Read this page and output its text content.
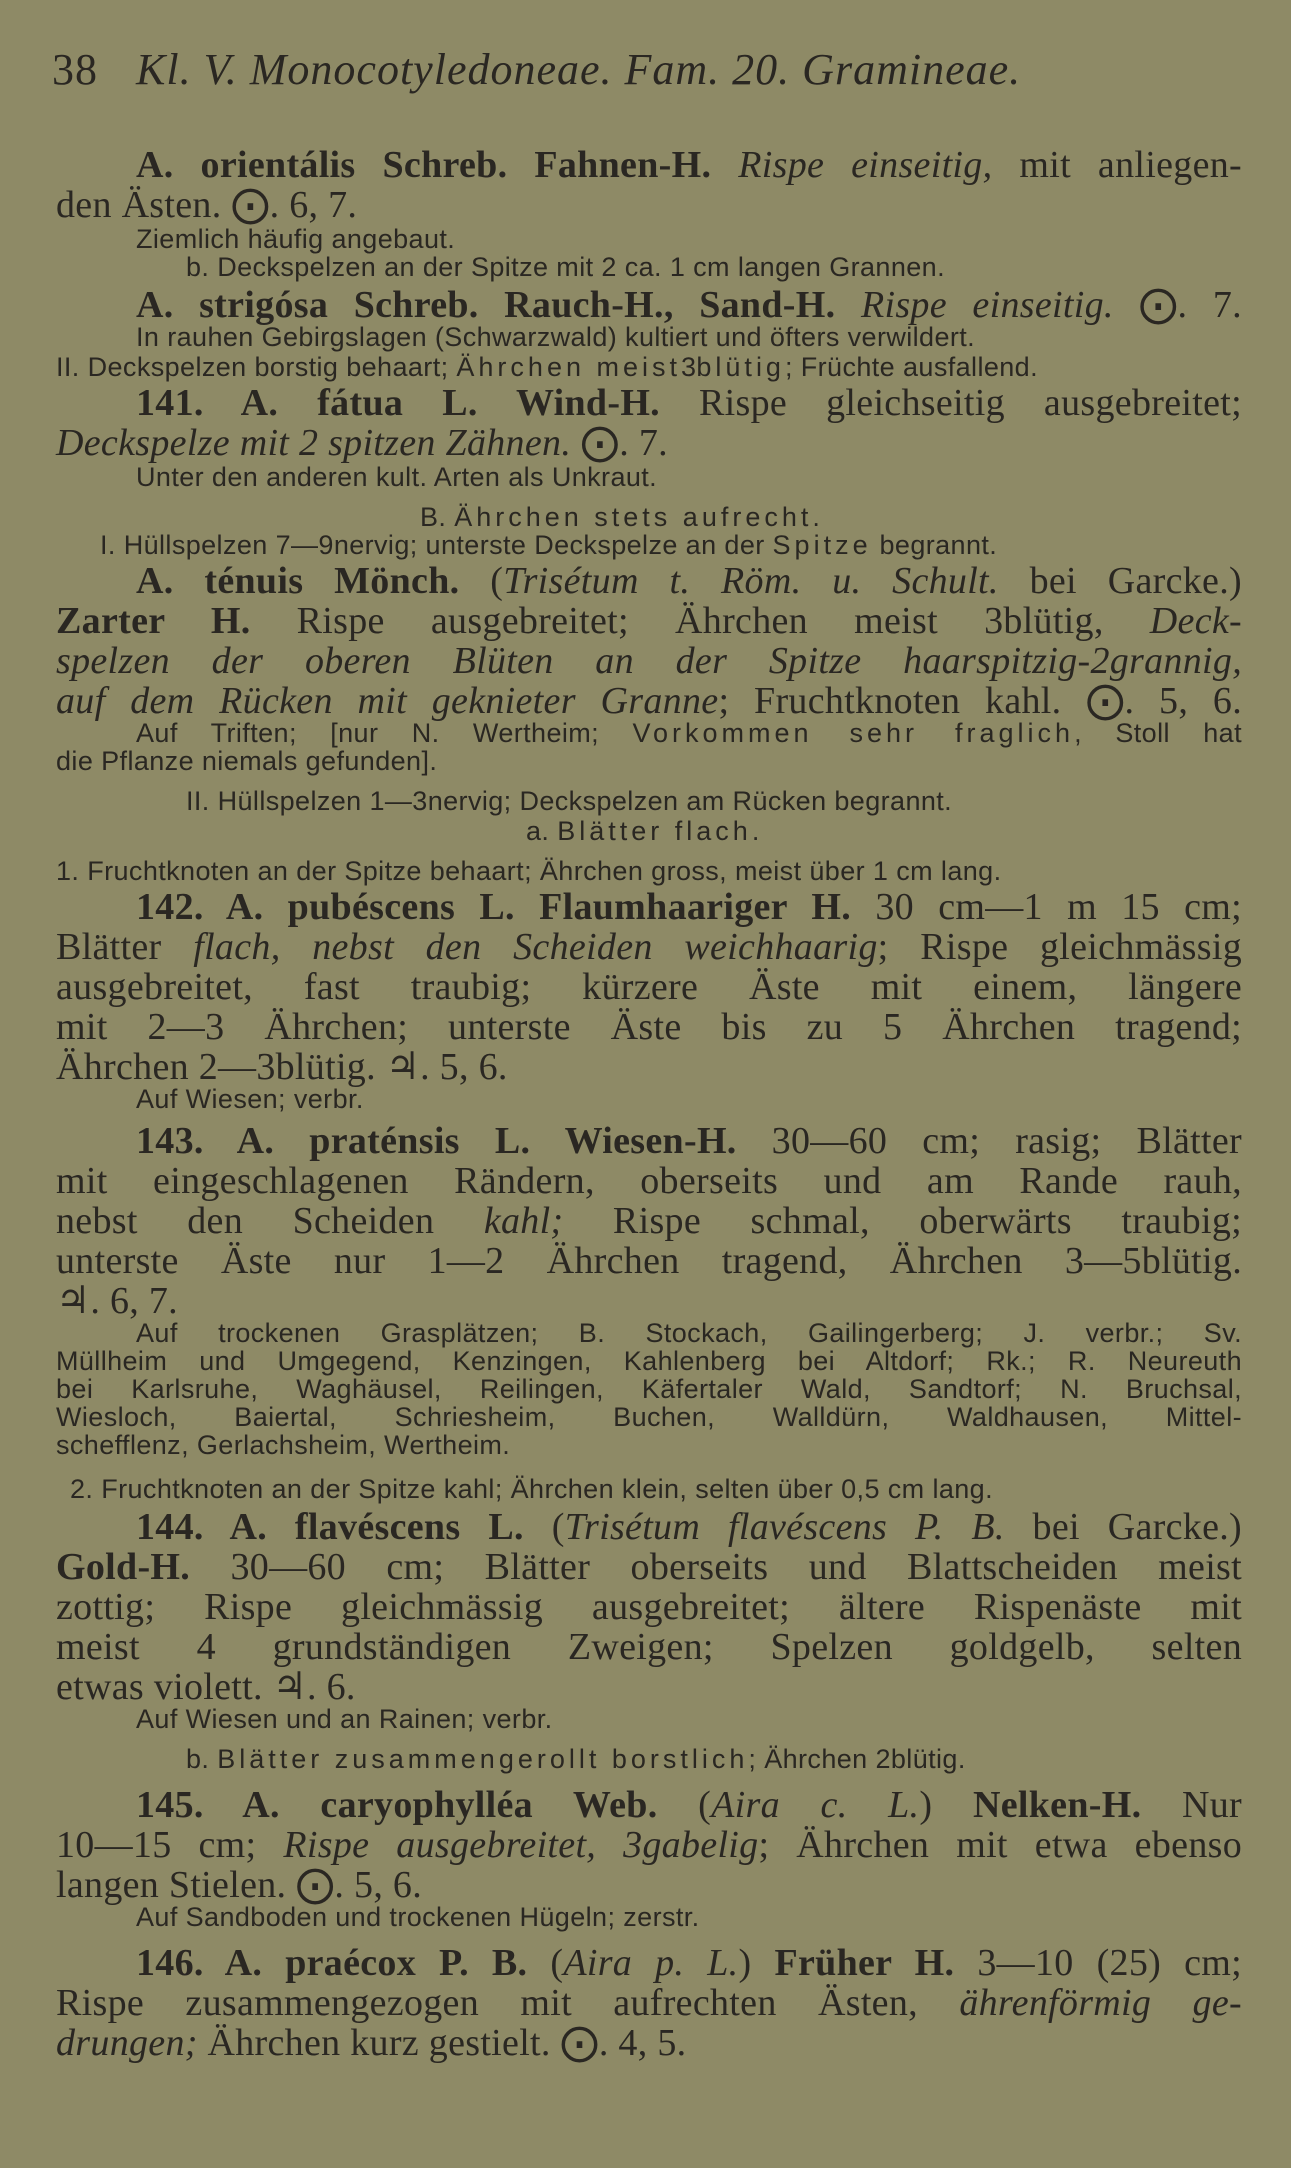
38 Kl. V. Monocotyledoneae. Fam. 20. Gramineae.
A. orientális Schreb. Fahnen-H. Rispe einseitig, mit anliegen-
den Ästen. ⨀. 6, 7.
Ziemlich häufig angebaut.
b. Deckspelzen an der Spitze mit 2 ca. 1 cm langen Grannen.
A. strigósa Schreb. Rauch-H., Sand-H. Rispe einseitig. ⨀. 7.
In rauhen Gebirgslagen (Schwarzwald) kultiert und öfters verwildert.
II. Deckspelzen borstig behaart; Ährchen meist3blütig; Früchte ausfallend.
141. A. fátua L. Wind-H. Rispe gleichseitig ausgebreitet;
Deckspelze mit 2 spitzen Zähnen. ⨀. 7.
Unter den anderen kult. Arten als Unkraut.
B. Ährchen stets aufrecht.
I. Hüllspelzen 7—9nervig; unterste Deckspelze an der Spitze begrannt.
A. ténuis Mönch. (Trisétum t. Röm. u. Schult. bei Garcke.)
Zarter H. Rispe ausgebreitet; Ährchen meist 3blütig, Deck-
spelzen der oberen Blüten an der Spitze haarspitzig-2grannig,
auf dem Rücken mit geknieter Granne; Fruchtknoten kahl. ⨀. 5, 6.
Auf Triften; [nur N. Wertheim; Vorkommen sehr fraglich, Stoll hat
die Pflanze niemals gefunden].
II. Hüllspelzen 1—3nervig; Deckspelzen am Rücken begrannt.
a. Blätter flach.
1. Fruchtknoten an der Spitze behaart; Ährchen gross, meist über 1 cm lang.
142. A. pubéscens L. Flaumhaariger H. 30 cm—1 m 15 cm;
Blätter flach, nebst den Scheiden weichhaarig; Rispe gleichmässig
ausgebreitet, fast traubig; kürzere Äste mit einem, längere
mit 2—3 Ährchen; unterste Äste bis zu 5 Ährchen tragend;
Ährchen 2—3blütig. ♃. 5, 6.
Auf Wiesen; verbr.
143. A. praténsis L. Wiesen-H. 30—60 cm; rasig; Blätter
mit eingeschlagenen Rändern, oberseits und am Rande rauh,
nebst den Scheiden kahl; Rispe schmal, oberwärts traubig;
unterste Äste nur 1—2 Ährchen tragend, Ährchen 3—5blütig.
♃. 6, 7.
Auf trockenen Grasplätzen; B. Stockach, Gailingerberg; J. verbr.; Sv.
Müllheim und Umgegend, Kenzingen, Kahlenberg bei Altdorf; Rk.; R. Neureuth
bei Karlsruhe, Waghäusel, Reilingen, Käfertaler Wald, Sandtorf; N. Bruchsal,
Wiesloch, Baiertal, Schriesheim, Buchen, Walldürn, Waldhausen, Mittel-
schefflenz, Gerlachsheim, Wertheim.
2. Fruchtknoten an der Spitze kahl; Ährchen klein, selten über 0,5 cm lang.
144. A. flavéscens L. (Trisétum flavéscens P. B. bei Garcke.)
Gold-H. 30—60 cm; Blätter oberseits und Blattscheiden meist
zottig; Rispe gleichmässig ausgebreitet; ältere Rispenäste mit
meist 4 grundständigen Zweigen; Spelzen goldgelb, selten
etwas violett. ♃. 6.
Auf Wiesen und an Rainen; verbr.
b. Blätter zusammengerollt borstlich; Ährchen 2blütig.
145. A. caryophylléa Web. (Aira c. L.) Nelken-H. Nur
10—15 cm; Rispe ausgebreitet, 3gabelig; Ährchen mit etwa ebenso
langen Stielen. ⨀. 5, 6.
Auf Sandboden und trockenen Hügeln; zerstr.
146. A. praécox P. B. (Aira p. L.) Früher H. 3—10 (25) cm;
Rispe zusammengezogen mit aufrechten Ästen, ährenförmig ge-
drungen; Ährchen kurz gestielt. ⨀. 4, 5.
